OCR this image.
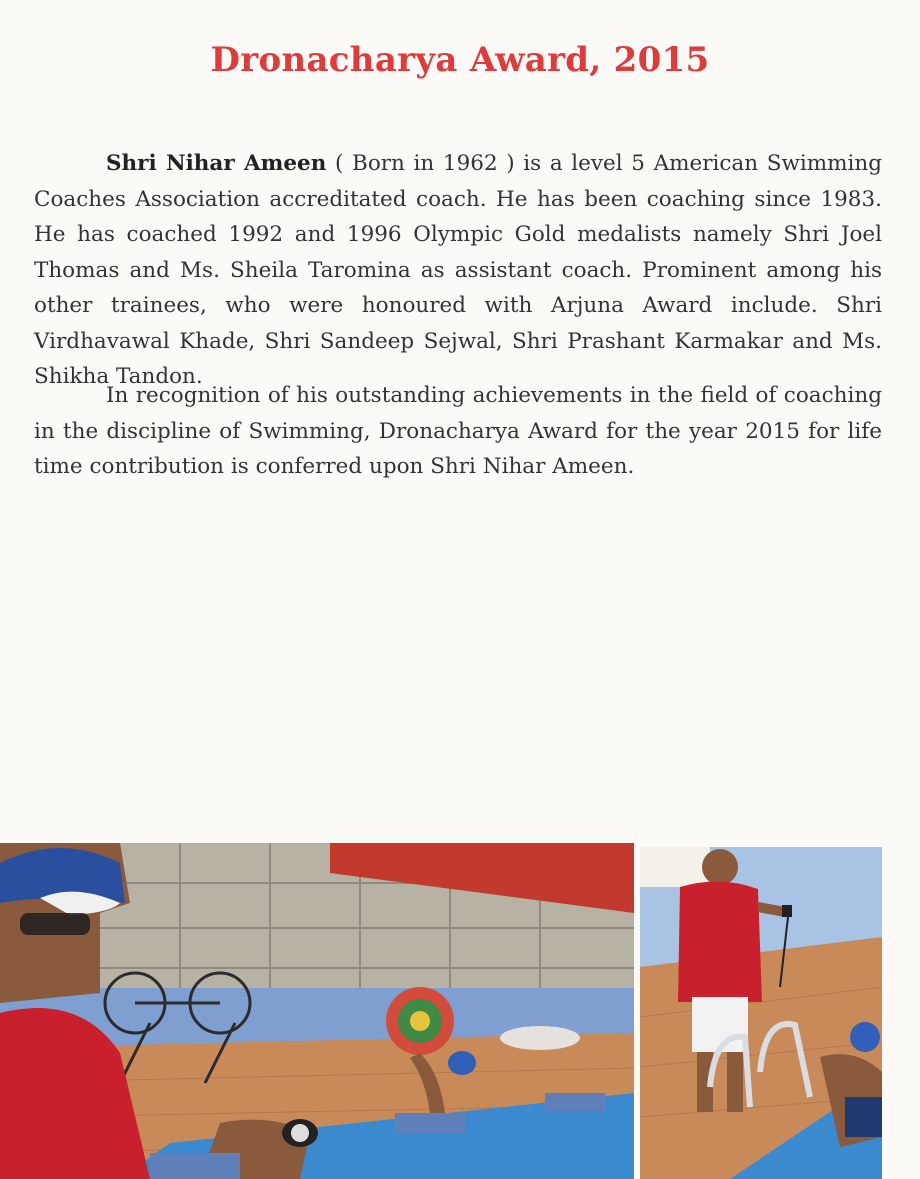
Dronacharya Award, 2015
Shri Nihar Ameen ( Born in 1962 ) is a level 5 American Swimming Coaches Association accreditated coach. He has been coaching since 1983. He has coached 1992 and 1996 Olympic Gold medalists namely Shri Joel Thomas and Ms. Sheila Taromina as assistant coach. Prominent among his other trainees, who were honoured with Arjuna Award include. Shri Virdhavawal Khade, Shri Sandeep Sejwal, Shri Prashant Karmakar and Ms. Shikha Tandon.
In recognition of his outstanding achievements in the field of coaching in the discipline of Swimming, Dronacharya Award for the year 2015 for life time contribution is conferred upon Shri Nihar Ameen.
